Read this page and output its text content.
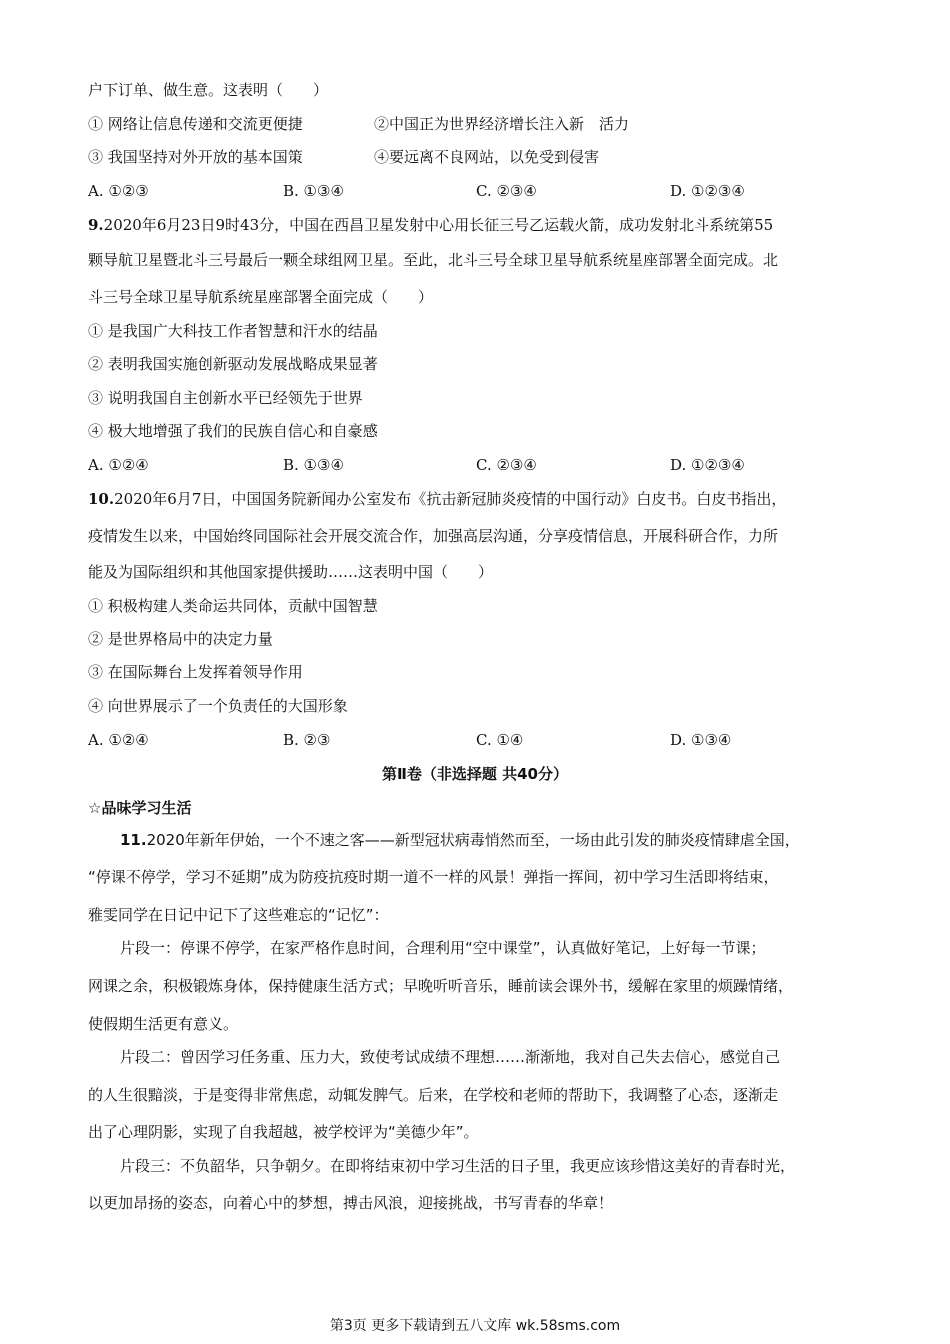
户下订单、做生意。这表明（　　）
① 网络让信息传递和交流更便捷	②中国正为世界经济增长注入新　活力
③ 我国坚持对外开放的基本国策	④要远离不良网站，以免受到侵害
A. ①②③	B. ①③④	C. ②③④	D. ①②③④
9.2020年6月23日9时43分，中国在西昌卫星发射中心用长征三号乙运载火箭，成功发射北斗系统第55
颗导航卫星暨北斗三号最后一颗全球组网卫星。至此，北斗三号全球卫星导航系统星座部署全面完成。北
斗三号全球卫星导航系统星座部署全面完成（　　）
① 是我国广大科技工作者智慧和汗水的结晶
② 表明我国实施创新驱动发展战略成果显著
③ 说明我国自主创新水平已经领先于世界
④ 极大地增强了我们的民族自信心和自豪感
A. ①②④	B. ①③④	C. ②③④	D. ①②③④
10.2020年6月7日，中国国务院新闻办公室发布《抗击新冠肺炎疫情的中国行动》白皮书。白皮书指出，
疫情发生以来，中国始终同国际社会开展交流合作，加强高层沟通，分享疫情信息，开展科研合作，力所
能及为国际组织和其他国家提供援助……这表明中国（　　）
① 积极构建人类命运共同体，贡献中国智慧
② 是世界格局中的决定力量
③ 在国际舞台上发挥着领导作用
④ 向世界展示了一个负责任的大国形象
A. ①②④	B. ②③	C. ①④	D. ①③④
第Ⅱ卷（非选择题 共40分）
☆品味学习生活
11.2020年新年伊始，一个不速之客——新型冠状病毒悄然而至，一场由此引发的肺炎疫情肆虐全国，
“停课不停学，学习不延期”成为防疫抗疫时期一道不一样的风景！弹指一挥间，初中学习生活即将结束，
雅雯同学在日记中记下了这些难忘的“记忆”：
片段一：停课不停学，在家严格作息时间，合理利用“空中课堂”，认真做好笔记，上好每一节课；
网课之余，积极锻炼身体，保持健康生活方式；早晚听听音乐，睡前读会课外书，缓解在家里的烦躁情绪，
使假期生活更有意义。
片段二：曾因学习任务重、压力大，致使考试成绩不理想……渐渐地，我对自己失去信心，感觉自己
的人生很黯淡，于是变得非常焦虑，动辄发脾气。后来，在学校和老师的帮助下，我调整了心态，逐渐走
出了心理阴影，实现了自我超越，被学校评为“美德少年”。
片段三：不负韶华，只争朝夕。在即将结束初中学习生活的日子里，我更应该珍惜这美好的青春时光，
以更加昂扬的姿态，向着心中的梦想，搏击风浪，迎接挑战，书写青春的华章！
第3页 更多下载请到五八文库 wk.58sms.com
